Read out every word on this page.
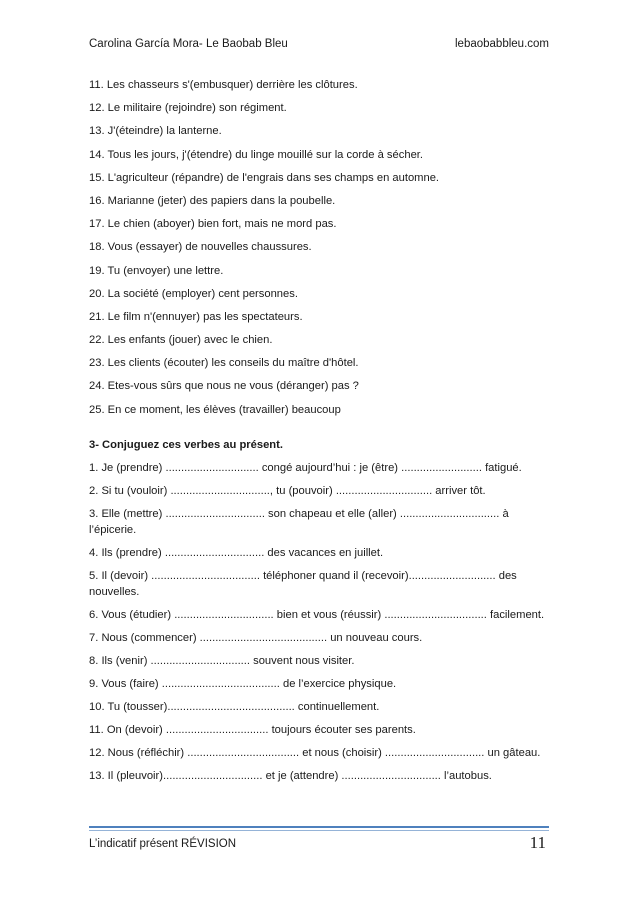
Carolina García Mora- Le Baobab Bleu	lebaobabbleu.com
11. Les chasseurs s'(embusquer) derrière les clôtures.
12. Le militaire (rejoindre) son régiment.
13. J'(éteindre) la lanterne.
14. Tous les jours, j'(étendre) du linge mouillé sur la corde à sécher.
15. L'agriculteur (répandre) de l'engrais dans ses champs en automne.
16. Marianne (jeter) des papiers dans la poubelle.
17. Le chien (aboyer) bien fort, mais ne mord pas.
18. Vous (essayer) de nouvelles chaussures.
19. Tu (envoyer) une lettre.
20. La société (employer) cent personnes.
21. Le film n'(ennuyer) pas les spectateurs.
22. Les enfants (jouer) avec le chien.
23. Les clients (écouter) les conseils du maître d'hôtel.
24. Etes-vous sûrs que nous ne vous (déranger) pas ?
25. En ce moment, les élèves (travailler) beaucoup
3- Conjuguez ces verbes au présent.
1. Je (prendre) .............................. congé aujourd’hui : je (être) .......................... fatigué.
2. Si tu (vouloir) ................................, tu (pouvoir) ............................... arriver tôt.
3. Elle (mettre) ................................ son chapeau et elle (aller) ................................ à l’épicerie.
4. Ils (prendre) ................................ des vacances en juillet.
5. Il (devoir) ................................... téléphoner quand il (recevoir)............................ des nouvelles.
6. Vous (étudier) ................................ bien et vous (réussir) ................................. facilement.
7. Nous (commencer) ......................................... un nouveau cours.
8. Ils (venir) ................................ souvent nous visiter.
9. Vous (faire) ...................................... de l’exercice physique.
10. Tu (tousser)......................................... continuellement.
11. On (devoir) ................................. toujours écouter ses parents.
12. Nous (réfléchir) .................................... et nous (choisir) ................................ un gâteau.
13. Il (pleuvoir)................................ et je (attendre) ................................ l’autobus.
L’indicatif présent RÉVISION	11
